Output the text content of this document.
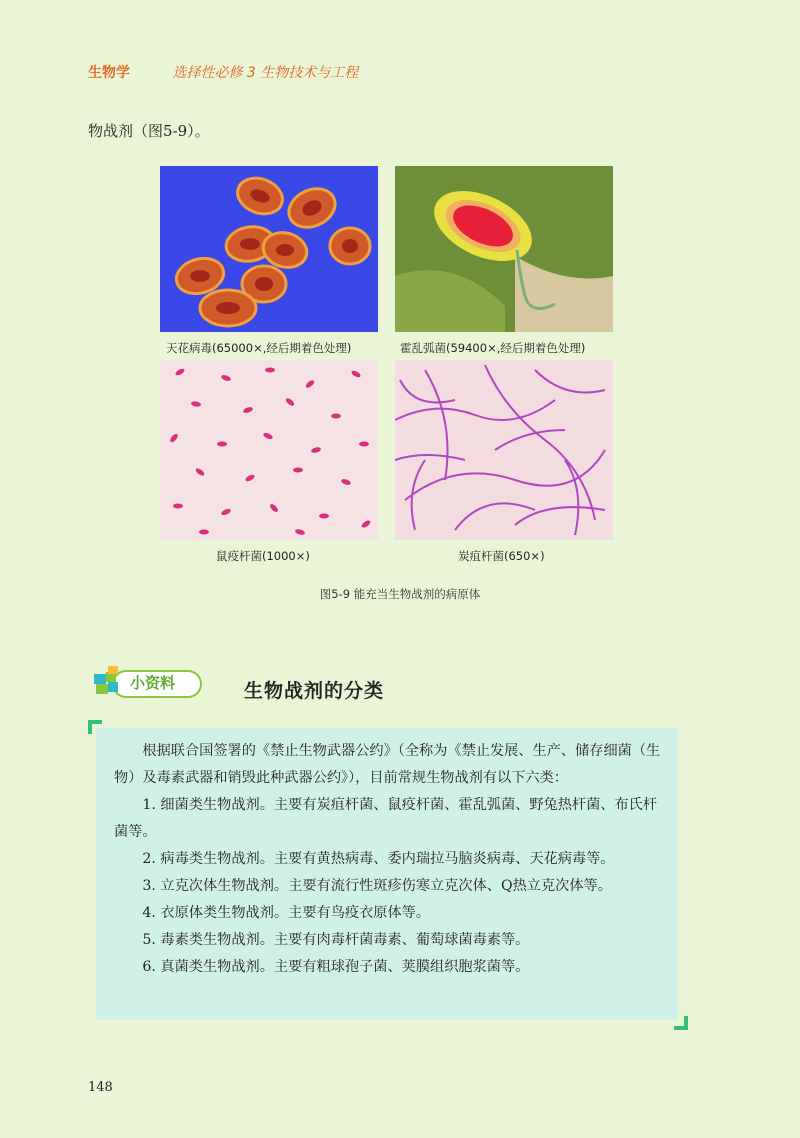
生物学	选择性必修 3 生物技术与工程
物战剂（图5-9）。
天花病毒(65000×,经后期着色处理)	霍乱弧菌(59400×,经后期着色处理)
鼠疫杆菌(1000×)	炭疽杆菌(650×)
图5-9 能充当生物战剂的病原体
小资料	生物战剂的分类

根据联合国签署的《禁止生物武器公约》（全称为《禁止发展、生产、储存细菌（生物）及毒素武器和销毁此种武器公约》），目前常规生物战剂有以下六类：

1. 细菌类生物战剂。主要有炭疽杆菌、鼠疫杆菌、霍乱弧菌、野兔热杆菌、布氏杆菌等。

2. 病毒类生物战剂。主要有黄热病毒、委内瑞拉马脑炎病毒、天花病毒等。

3. 立克次体生物战剂。主要有流行性斑疹伤寒立克次体、Q热立克次体等。

4. 衣原体类生物战剂。主要有鸟疫衣原体等。

5. 毒素类生物战剂。主要有肉毒杆菌毒素、葡萄球菌毒素等。

6. 真菌类生物战剂。主要有粗球孢子菌、荚膜组织胞浆菌等。

148
